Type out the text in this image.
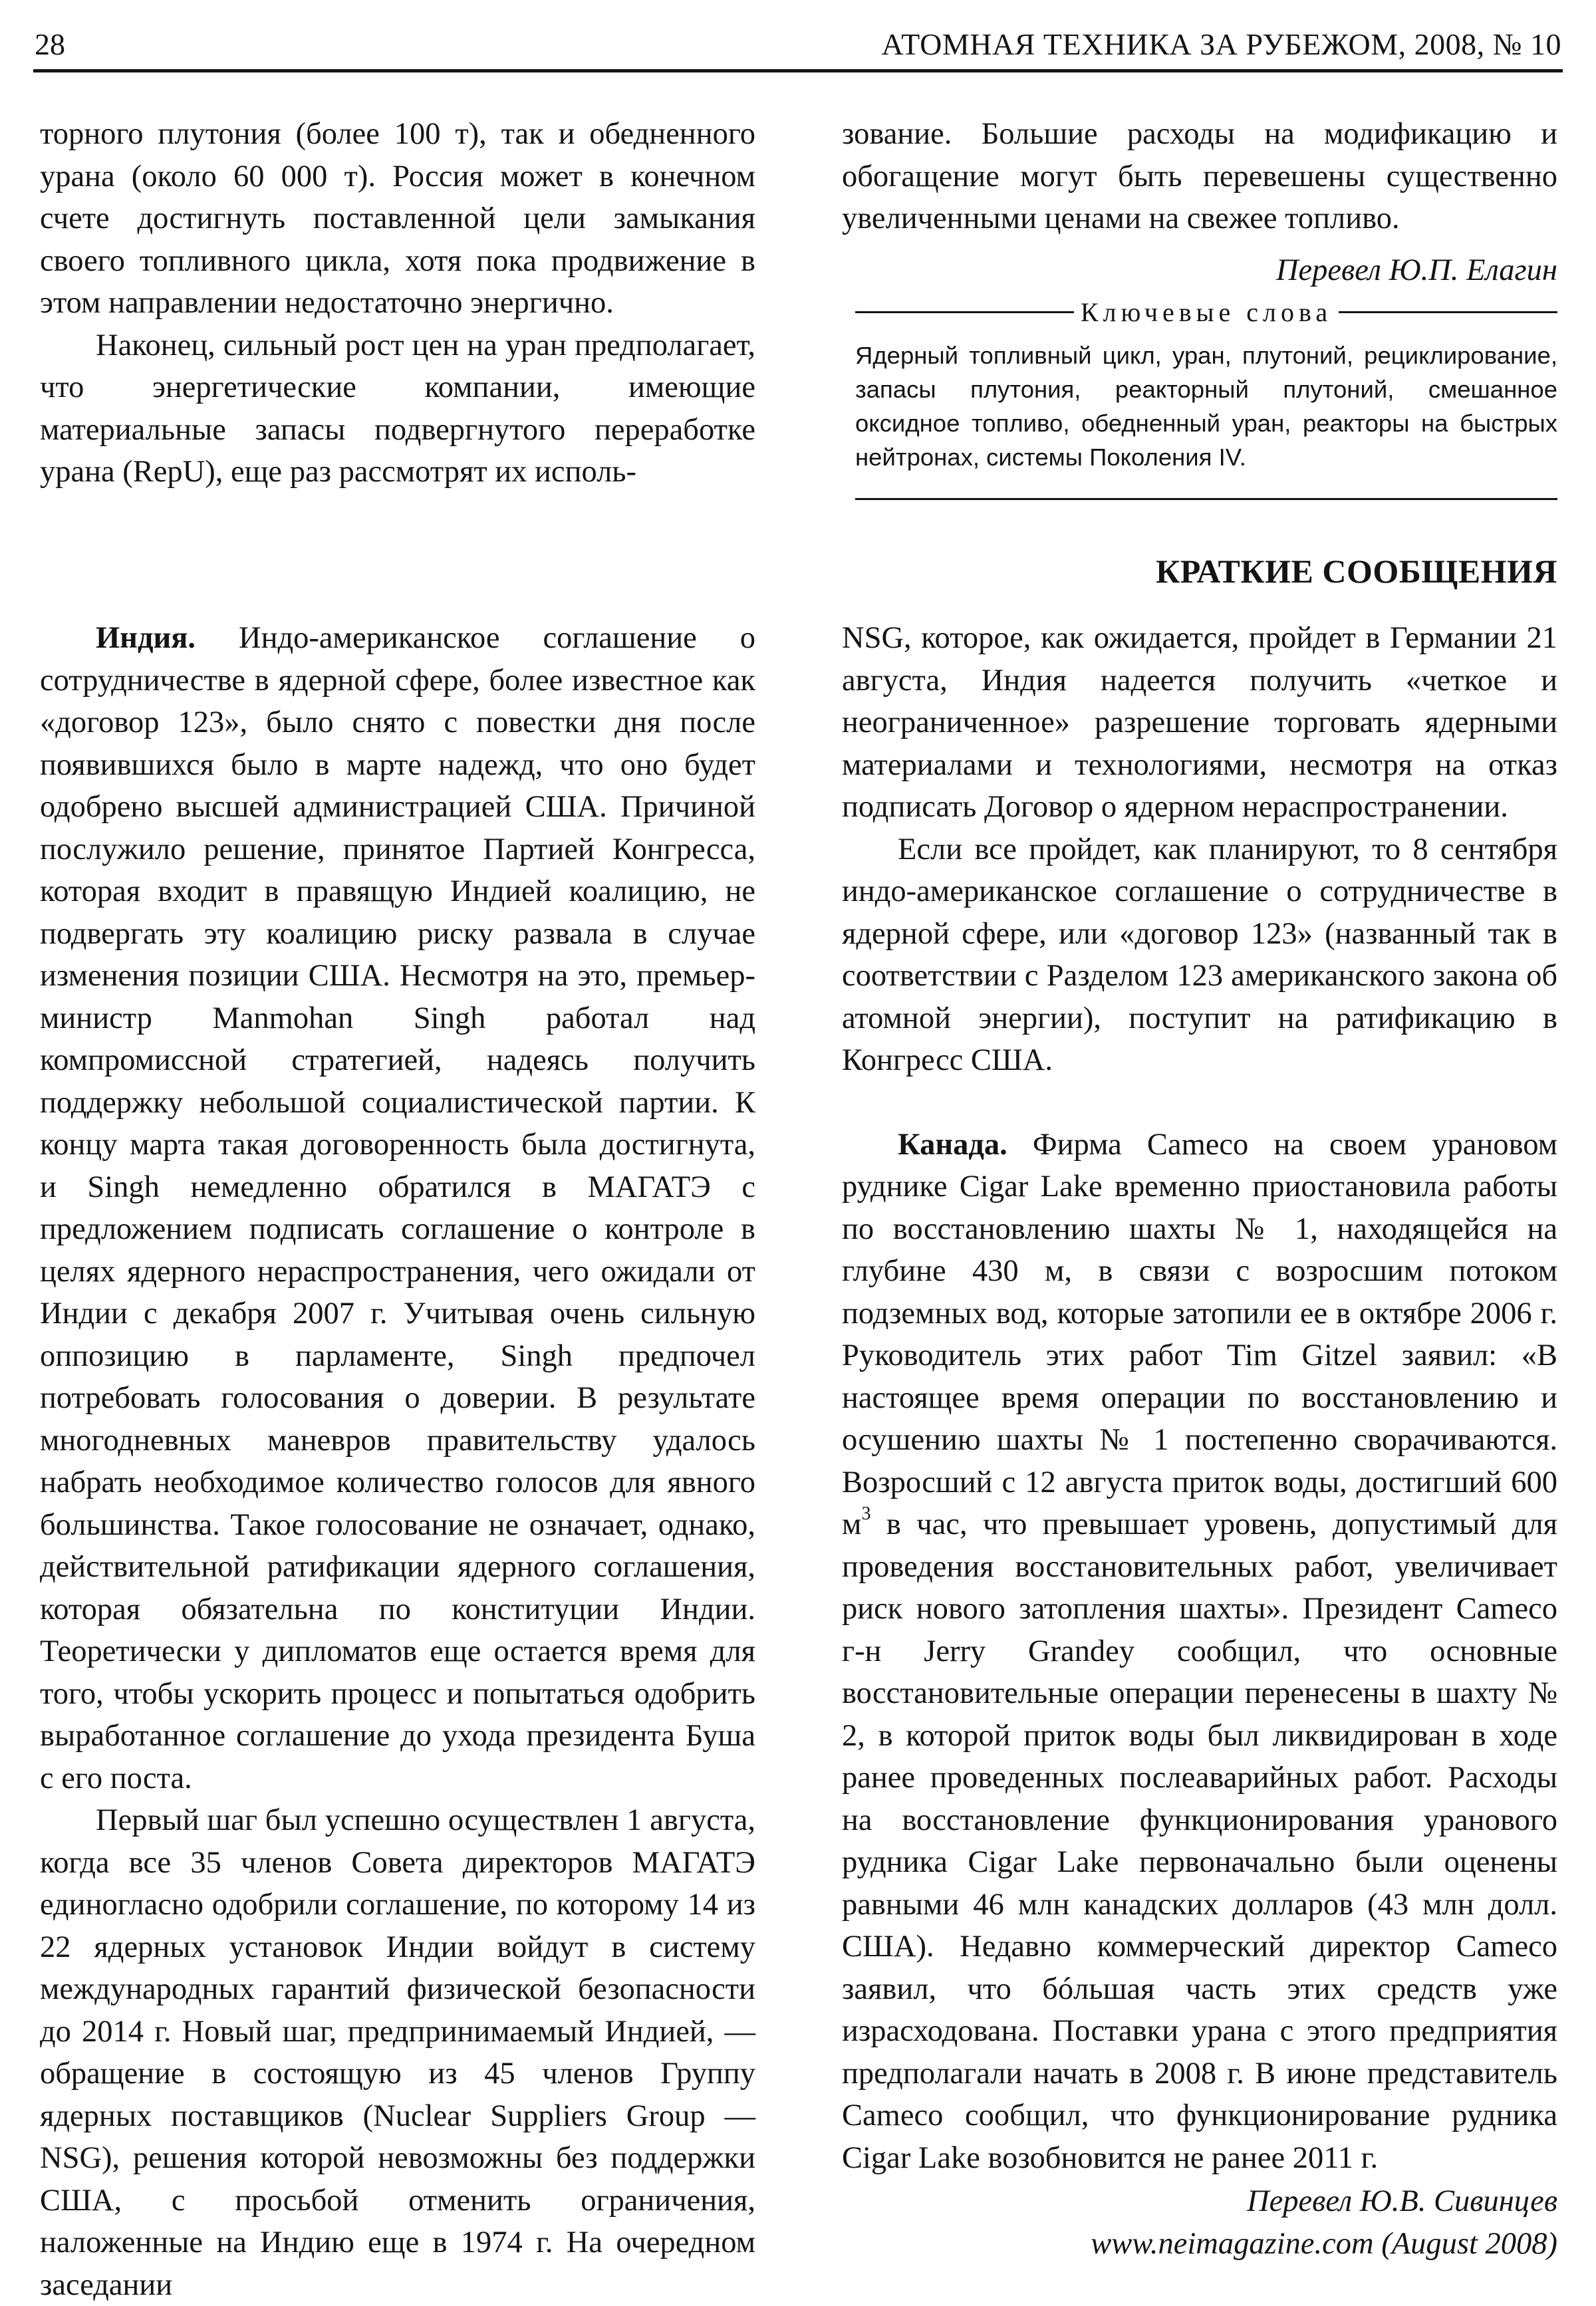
28	АТОМНАЯ ТЕХНИКА ЗА РУБЕЖОМ, 2008, № 10

торного плутония (более 100 т), так и обедненного урана (около 60 000 т). Россия может в конечном счете достигнуть поставленной цели замыкания своего топливного цикла, хотя пока продвижение в этом направлении недостаточно энергично.

Наконец, сильный рост цен на уран предполагает, что энергетические компании, имеющие материальные запасы подвергнутого переработке урана (RepU), еще раз рассмотрят их исполь-

зование. Большие расходы на модификацию и обогащение могут быть перевешены существенно увеличенными ценами на свежее топливо.

Перевел Ю.П. Елагин
Ключевые слова
Ядерный топливный цикл, уран, плутоний, рециклирование, запасы плутония, реакторный плутоний, смешанное оксидное топливо, обедненный уран, реакторы на быстрых нейтронах, системы Поколения IV.
КРАТКИЕ СООБЩЕНИЯ

Индия. Индо-американское соглашение о сотрудничестве в ядерной сфере, более известное как «договор 123», было снято с повестки дня после появившихся было в марте надежд, что оно будет одобрено высшей администрацией США. Причиной послужило решение, принятое Партией Конгресса, которая входит в правящую Индией коалицию, не подвергать эту коалицию риску развала в случае изменения позиции США. Несмотря на это, премьер-министр Manmohan Singh работал над компромиссной стратегией, надеясь получить поддержку небольшой социалистической партии. К концу марта такая договоренность была достигнута, и Singh немедленно обратился в МАГАТЭ с предложением подписать соглашение о контроле в целях ядерного нераспространения, чего ожидали от Индии с декабря 2007 г. Учитывая очень сильную оппозицию в парламенте, Singh предпочел потребовать голосования о доверии. В результате многодневных маневров правительству удалось набрать необходимое количество голосов для явного большинства. Такое голосование не означает, однако, действительной ратификации ядерного соглашения, которая обязательна по конституции Индии. Теоретически у дипломатов еще остается время для того, чтобы ускорить процесс и попытаться одобрить выработанное соглашение до ухода президента Буша с его поста.

Первый шаг был успешно осуществлен 1 августа, когда все 35 членов Совета директоров МАГАТЭ единогласно одобрили соглашение, по которому 14 из 22 ядерных установок Индии войдут в систему международных гарантий физической безопасности до 2014 г. Новый шаг, предпринимаемый Индией, — обращение в состоящую из 45 членов Группу ядерных поставщиков (Nuclear Suppliers Group — NSG), решения которой невозможны без поддержки США, с просьбой отменить ограничения, наложенные на Индию еще в 1974 г. На очередном заседании

NSG, которое, как ожидается, пройдет в Германии 21 августа, Индия надеется получить «четкое и неограниченное» разрешение торговать ядерными материалами и технологиями, несмотря на отказ подписать Договор о ядерном нераспространении.

Если все пройдет, как планируют, то 8 сентября индо-американское соглашение о сотрудничестве в ядерной сфере, или «договор 123» (названный так в соответствии с Разделом 123 американского закона об атомной энергии), поступит на ратификацию в Конгресс США.

Канада. Фирма Cameco на своем урановом руднике Cigar Lake временно приостановила работы по восстановлению шахты № 1, находящейся на глубине 430 м, в связи с возросшим потоком подземных вод, которые затопили ее в октябре 2006 г. Руководитель этих работ Tim Gitzel заявил: «В настоящее время операции по восстановлению и осушению шахты № 1 постепенно сворачиваются. Возросший с 12 августа приток воды, достигший 600 $м^3$ в час, что превышает уровень, допустимый для проведения восстановительных работ, увеличивает риск нового затопления шахты». Президент Cameco г-н Jerry Grandey сообщил, что основные восстановительные операции перенесены в шахту № 2, в которой приток воды был ликвидирован в ходе ранее проведенных послеаварийных работ. Расходы на восстановление функционирования уранового рудника Cigar Lake первоначально были оценены равными 46 млн канадских долларов (43 млн долл. США). Недавно коммерческий директор Cameco заявил, что бóльшая часть этих средств уже израсходована. Поставки урана с этого предприятия предполагали начать в 2008 г. В июне представитель Cameco сообщил, что функционирование рудника Cigar Lake возобновится не ранее 2011 г.

Перевел Ю.В. Сивинцев
www.neimagazine.com (August 2008)
